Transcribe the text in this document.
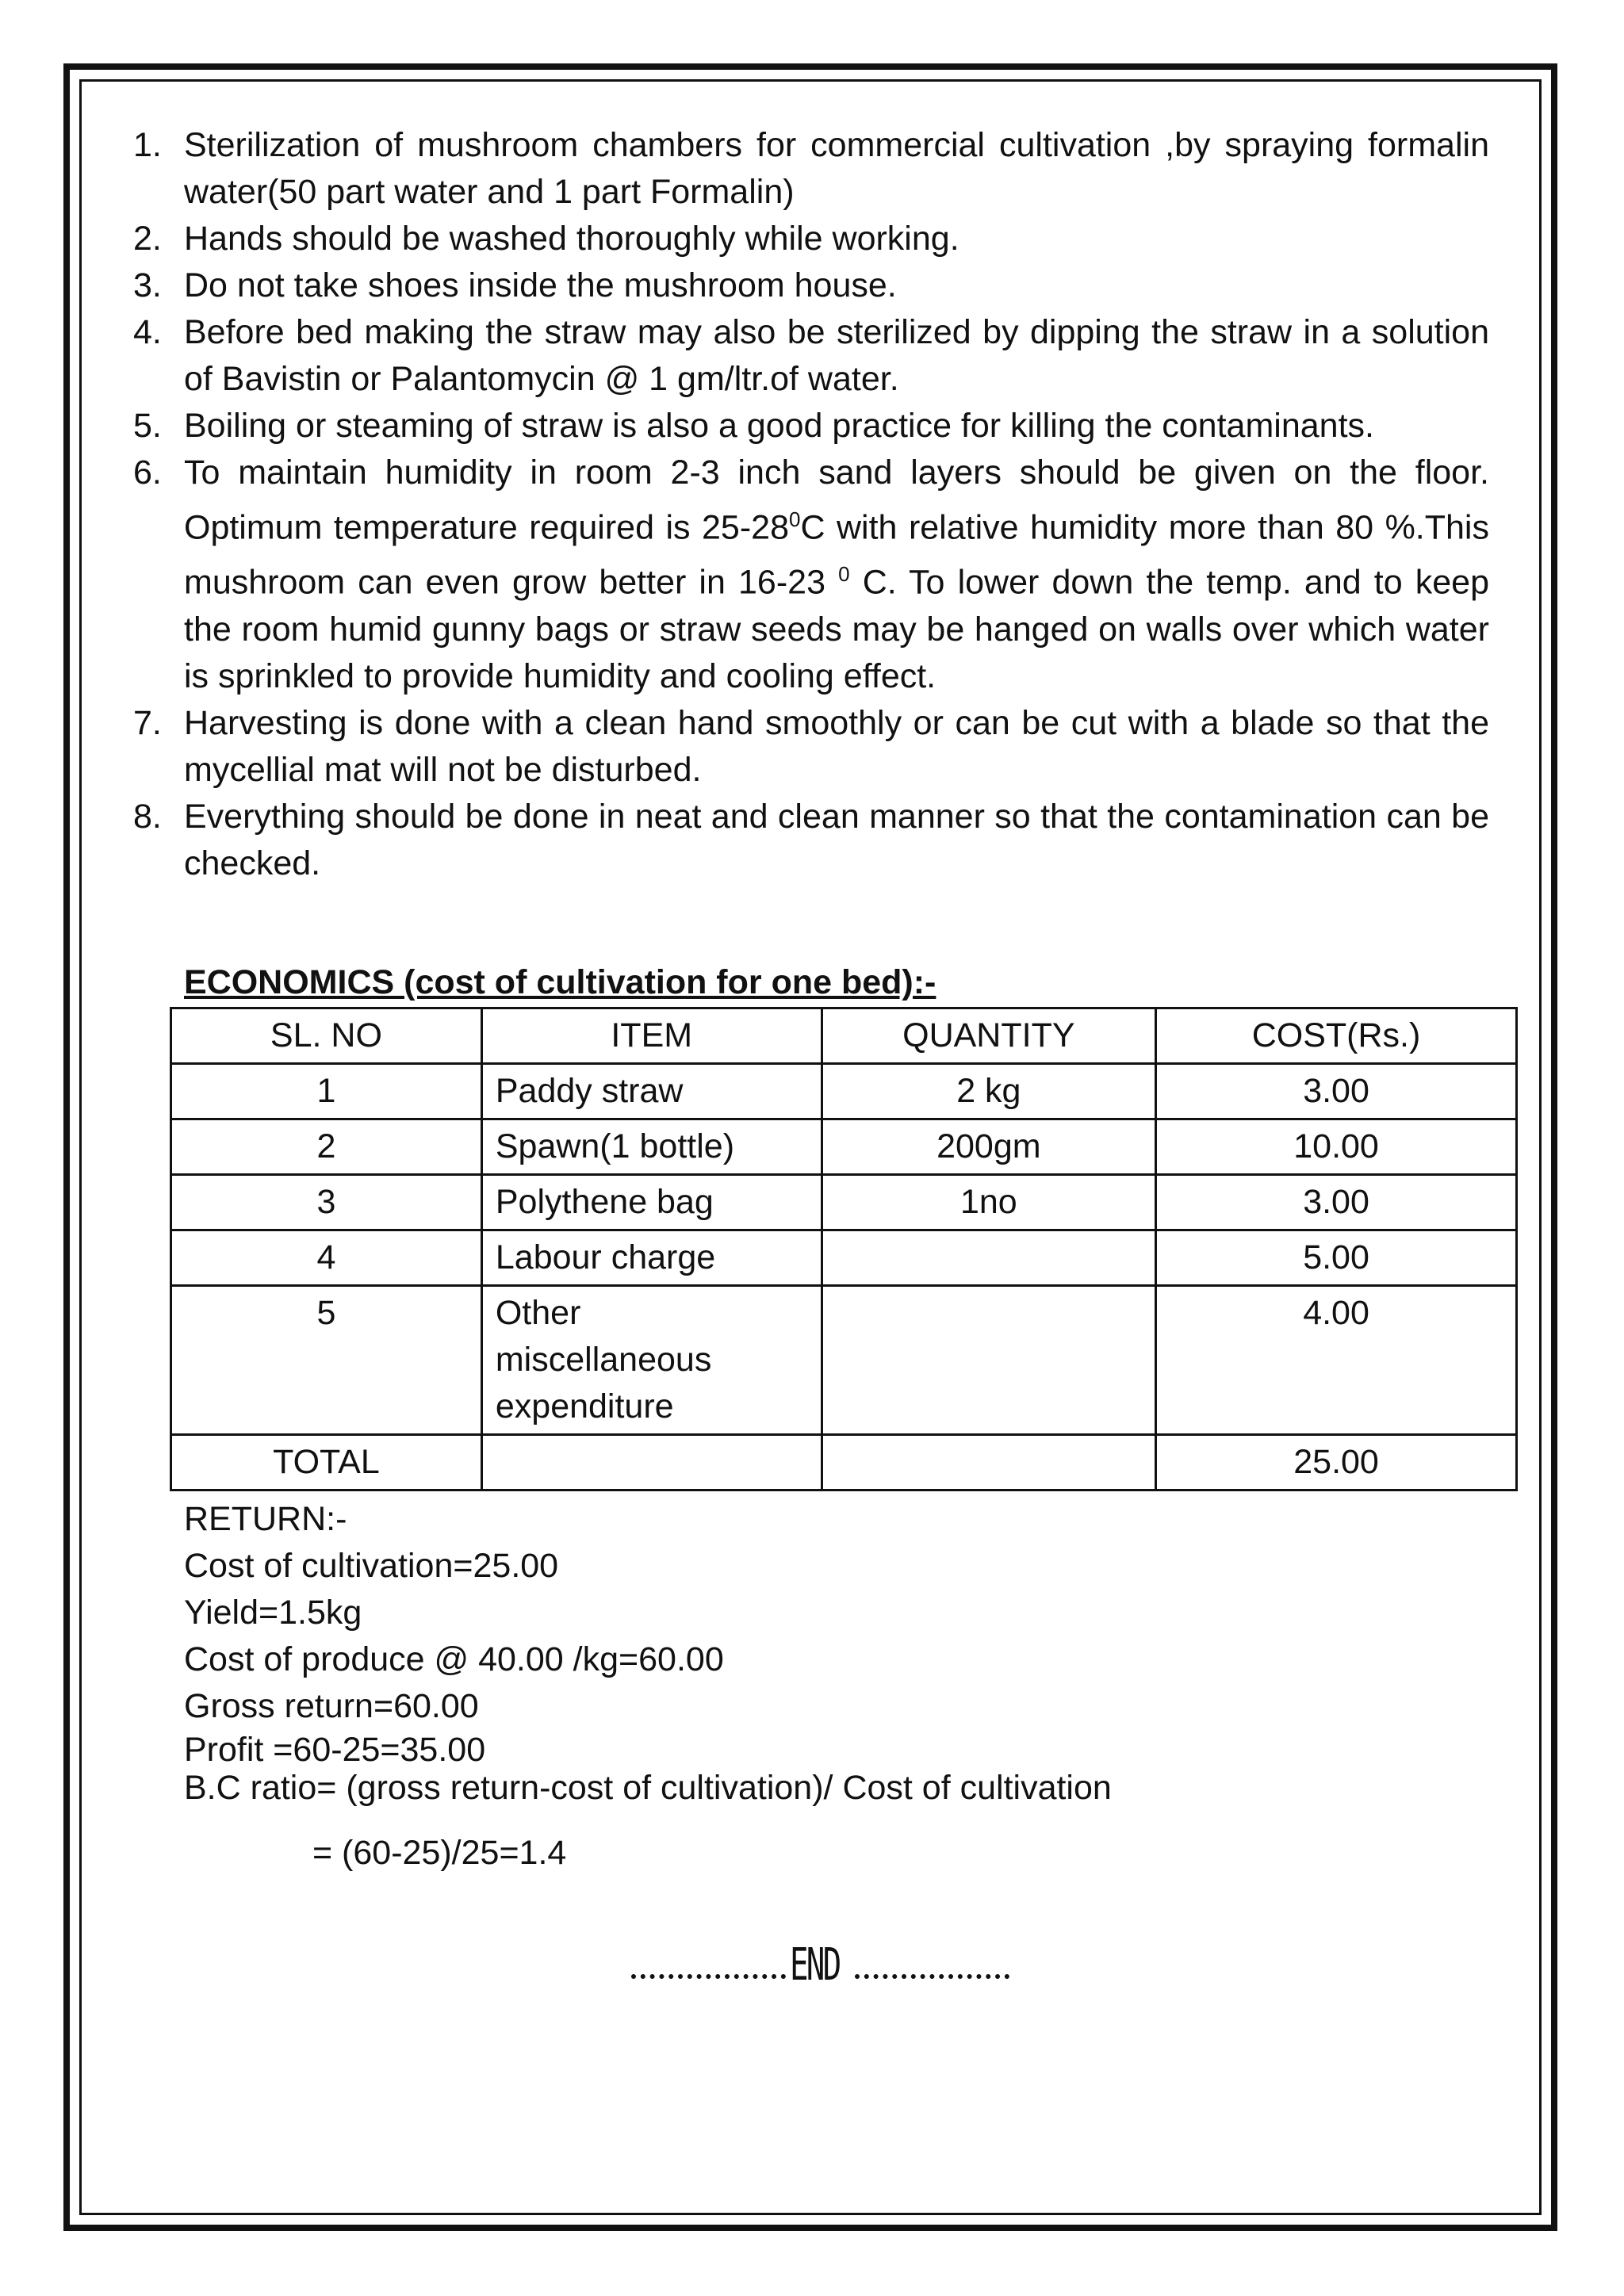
1. Sterilization of mushroom chambers for commercial cultivation ,by spraying formalin water(50 part water and 1 part Formalin)
2. Hands should be washed thoroughly while working.
3. Do not take shoes inside the mushroom house.
4. Before bed making the straw may also be sterilized by dipping the straw in a solution of Bavistin or Palantomycin @ 1 gm/ltr.of water.
5. Boiling or steaming of straw is also a good practice for killing the contaminants.
6. To maintain humidity in room 2-3 inch sand layers should be given on the floor. Optimum temperature required is $25-28^0C$ with relative humidity more than 80 %.This mushroom can even grow better in 16-23 $^0$ C. To lower down the temp. and to keep the room humid gunny bags or straw seeds may be hanged on walls over which water is sprinkled to provide humidity and cooling effect.
7. Harvesting is done with a clean hand smoothly or can be cut with a blade so that the mycellial mat will not be disturbed.
8. Everything should be done in neat and clean manner so that the contamination can be checked.
ECONOMICS (cost of cultivation for one bed):-
SL. NO	ITEM	QUANTITY	COST(Rs.)
1	Paddy straw	2 kg	3.00
2	Spawn(1 bottle)	200gm	10.00
3	Polythene bag	1no	3.00
4	Labour charge		5.00
5	Other
miscellaneous
expenditure		4.00
TOTAL			25.00
RETURN:-
Cost of cultivation=25.00
Yield=1.5kg
Cost of produce @ 40.00 /kg=60.00
Gross return=60.00
Profit =60-25=35.00
B.C ratio= (gross return-cost of cultivation)/ Cost of cultivation
= (60-25)/25=1.4
END
